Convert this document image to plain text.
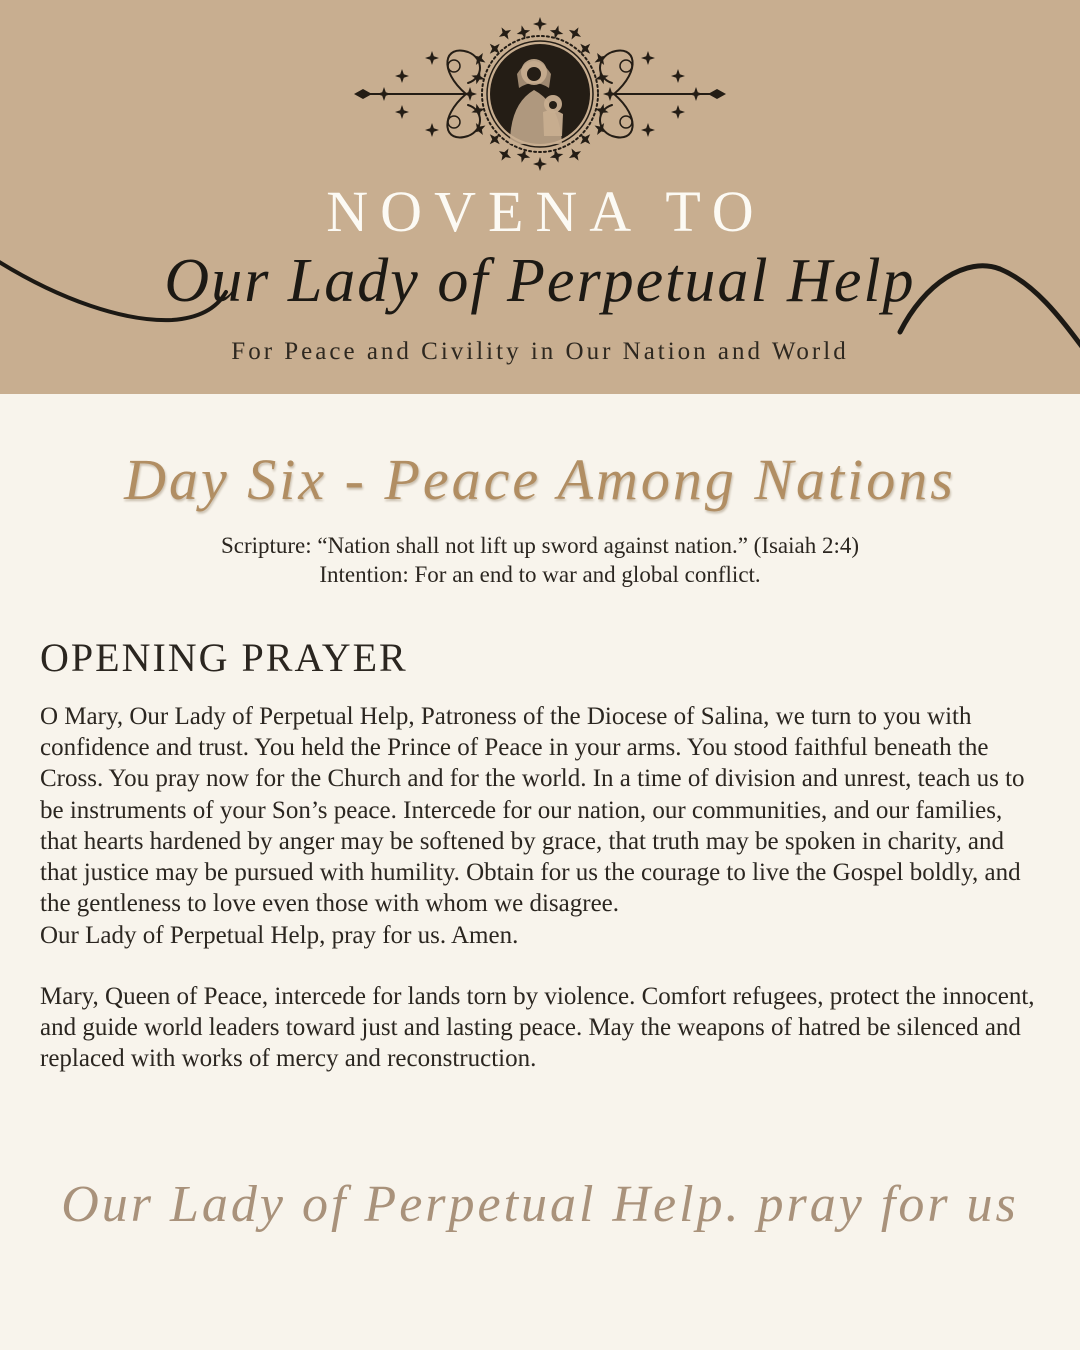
NOVENA TO
Our Lady of Perpetual Help
For Peace and Civility in Our Nation and World
Day Six - Peace Among Nations
Scripture: “Nation shall not lift up sword against nation.” (Isaiah 2:4)
Intention: For an end to war and global conflict.
OPENING PRAYER
O Mary, Our Lady of Perpetual Help, Patroness of the Diocese of Salina, we turn to you with confidence and trust. You held the Prince of Peace in your arms. You stood faithful beneath the Cross. You pray now for the Church and for the world. In a time of division and unrest, teach us to be instruments of your Son’s peace. Intercede for our nation, our communities, and our families, that hearts hardened by anger may be softened by grace, that truth may be spoken in charity, and that justice may be pursued with humility. Obtain for us the courage to live the Gospel boldly, and the gentleness to love even those with whom we disagree.
Our Lady of Perpetual Help, pray for us. Amen.
Mary, Queen of Peace, intercede for lands torn by violence. Comfort refugees, protect the innocent, and guide world leaders toward just and lasting peace. May the weapons of hatred be silenced and replaced with works of mercy and reconstruction.
Our Lady of Perpetual Help. pray for us
